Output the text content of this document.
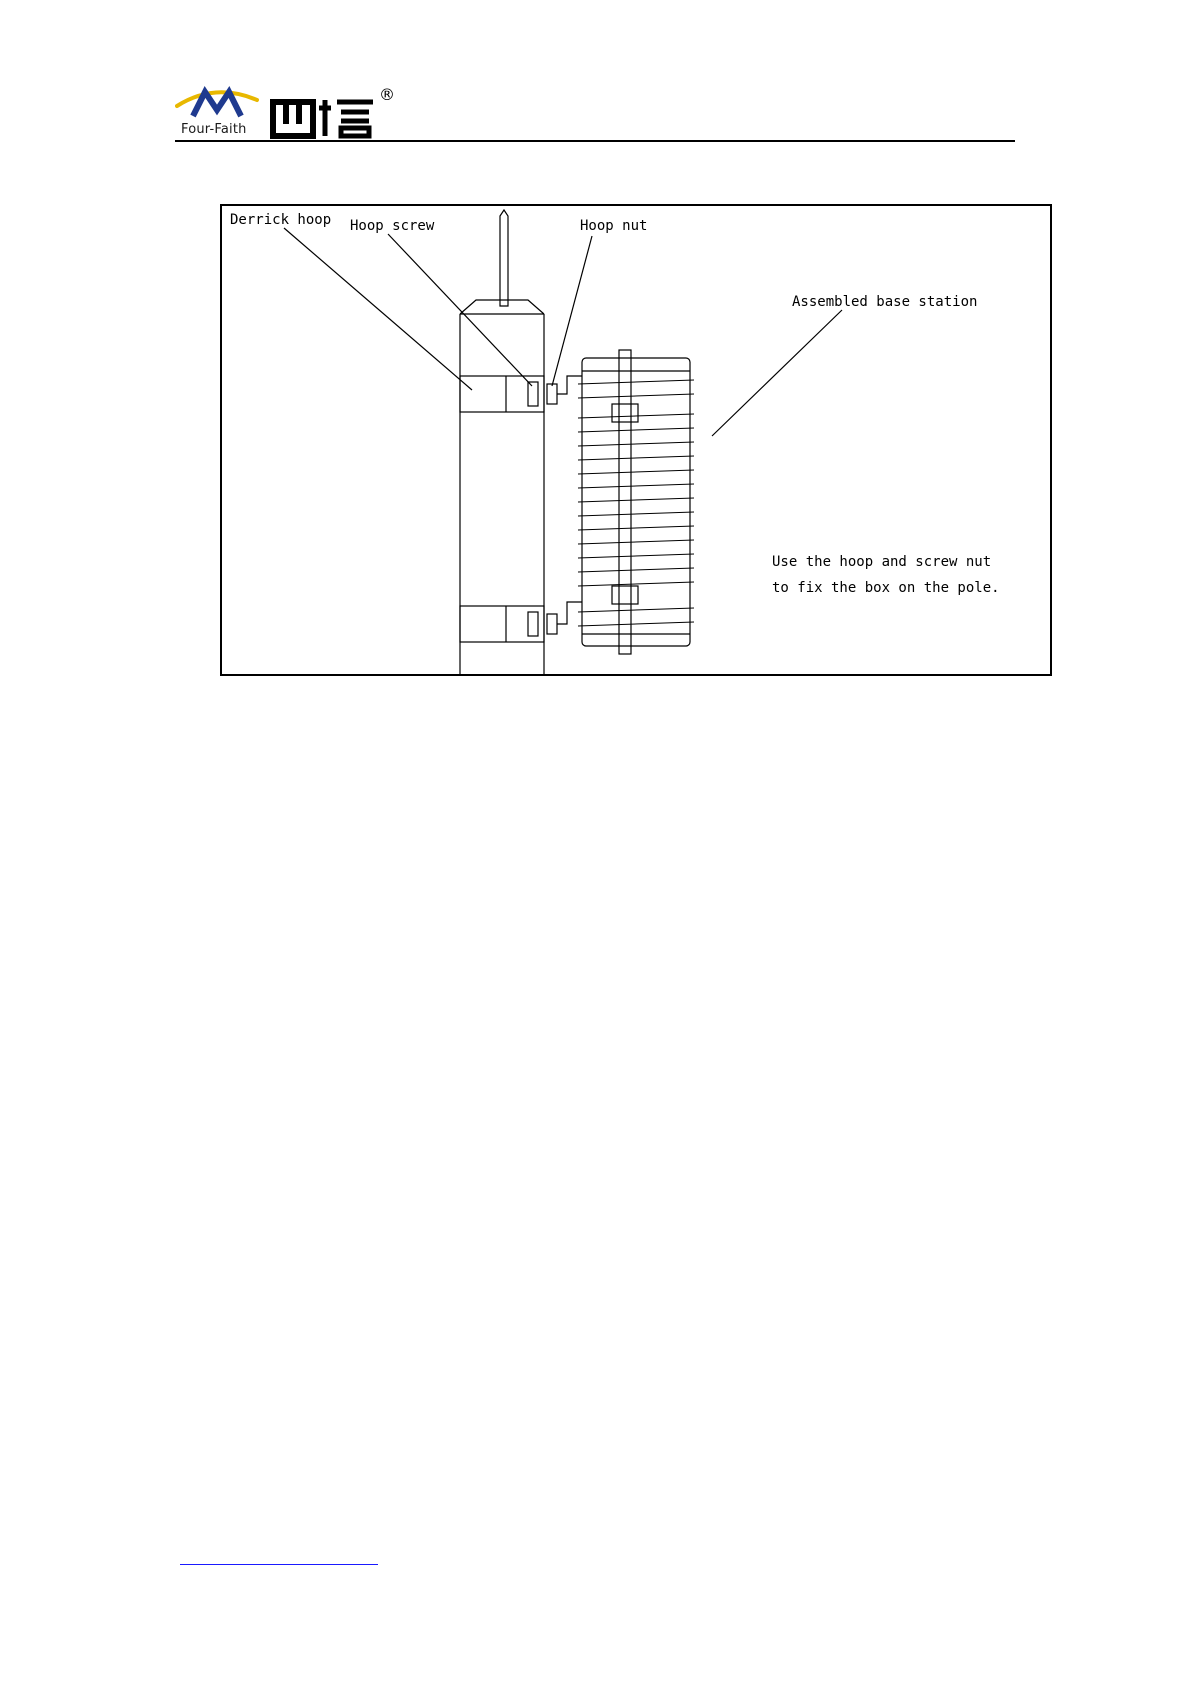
®
Four-Faith
Derrick hoop Hoop screw	Hoop nut
Assembled base station
Use the hoop and screw nut
to fix the box on the pole.
